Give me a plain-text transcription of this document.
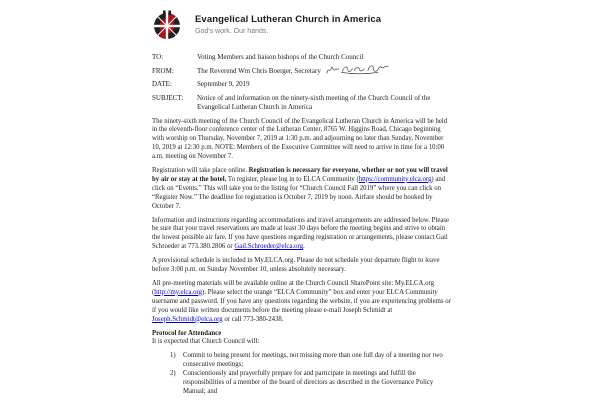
Evangelical Lutheran Church in America
God's work. Our hands.
TO:	Voting Members and liaison bishops of the Church Council
FROM:	The Reverend Wm Chris Boerger, Secretary
DATE:	September 9, 2019
SUBJECT:	Notice of and information on the ninety-sixth meeting of the Church Council of the Evangelical Lutheran Church in America

The ninety-sixth meeting of the Church Council of the Evangelical Lutheran Church in America will be held in the eleventh-floor conference center of the Lutheran Center, 8765 W. Higgins Road, Chicago beginning with worship on Thursday, November 7, 2019 at 1:30 p.m. and adjourning no later than Sunday, November 10, 2019 at 12:30 p.m. NOTE: Members of the Executive Committee will need to arrive in time for a 10:00 a.m. meeting on November 7.

Registration will take place online. Registration is necessary for everyone, whether or not you will travel by air or stay at the hotel. To register, please log in to ELCA Community (https://community.elca.org) and click on “Events.” This will take you to the listing for “Church Council Fall 2019” where you can click on “Register Now.” The deadline for registration is October 7, 2019 by noon. Airfare should be booked by October 7.

Information and instructions regarding accommodations and travel arrangements are addressed below. Please be sure that your travel reservations are made at least 30 days before the meeting begins and strive to obtain the lowest possible air fare. If you have questions regarding registration or arrangements, please contact Gail Schroeder at 773.380.2806 or Gail.Schroeder@elca.org.

A provisional schedule is included in My.ELCA.org. Please do not schedule your departure flight to leave before 3:00 p.m. on Sunday November 10, unless absolutely necessary.

All pre-meeting materials will be available online at the Church Council SharePoint site: My.ELCA.org (http://my.elca.org). Please select the orange “ELCA Community” box and enter your ELCA Community username and password. If you have any questions regarding the website, if you are experiencing problems or if you would like written documents before the meeting please e-mail Joseph Schmidt at Joseph.Schmidt@elca.org or call 773-380-2438.

Protocol for Attendance
It is expected that Church Council will:
1)	Commit to being present for meetings, not missing more than one full day of a meeting nor two consecutive meetings;
2)	Conscientiously and prayerfully prepare for and participate in meetings and fulfill the responsibilities of a member of the board of directors as described in the Governance Policy Manual; and
